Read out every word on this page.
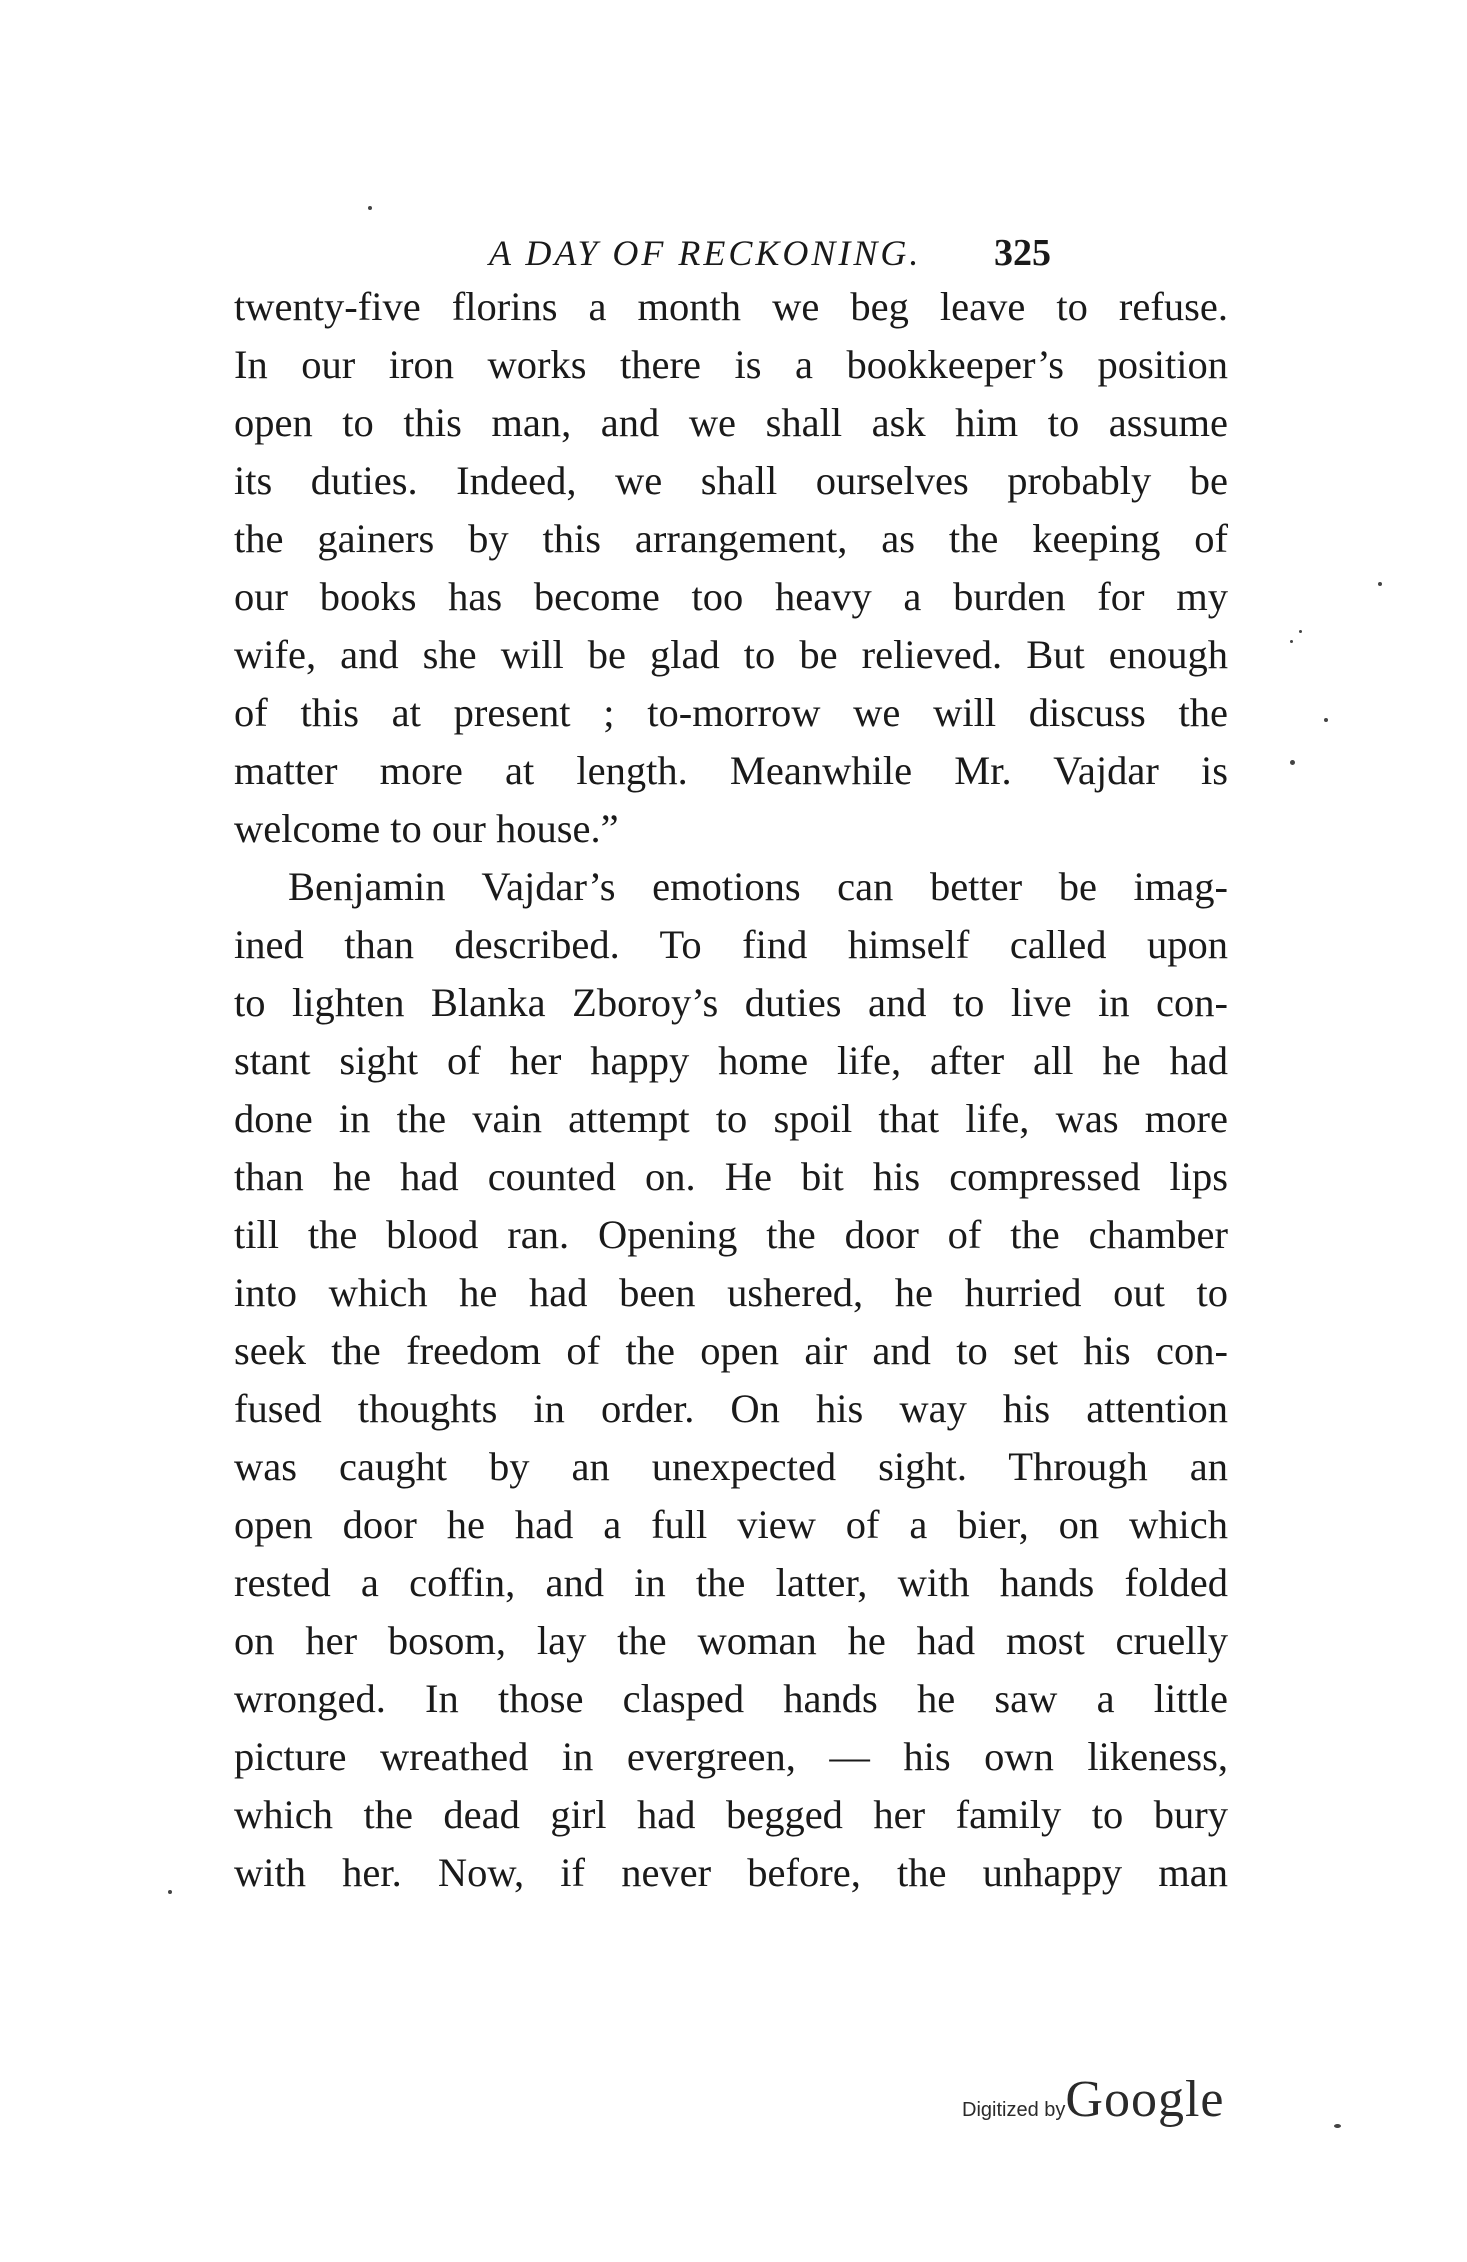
A DAY OF RECKONING. 325
twenty-five florins a month we beg leave to refuse.
In our iron works there is a bookkeeper’s position
open to this man, and we shall ask him to assume
its duties. Indeed, we shall ourselves probably be
the gainers by this arrangement, as the keeping of
our books has become too heavy a burden for my
wife, and she will be glad to be relieved. But enough
of this at present ; to-morrow we will discuss the
matter more at length. Meanwhile Mr. Vajdar is
welcome to our house.”
Benjamin Vajdar’s emotions can better be imag-
ined than described. To find himself called upon
to lighten Blanka Zboroy’s duties and to live in con-
stant sight of her happy home life, after all he had
done in the vain attempt to spoil that life, was more
than he had counted on. He bit his compressed lips
till the blood ran. Opening the door of the chamber
into which he had been ushered, he hurried out to
seek the freedom of the open air and to set his con-
fused thoughts in order. On his way his attention
was caught by an unexpected sight. Through an
open door he had a full view of a bier, on which
rested a coffin, and in the latter, with hands folded
on her bosom, lay the woman he had most cruelly
wronged. In those clasped hands he saw a little
picture wreathed in evergreen, — his own likeness,
which the dead girl had begged her family to bury
with her. Now, if never before, the unhappy man
Digitized byGoogle
